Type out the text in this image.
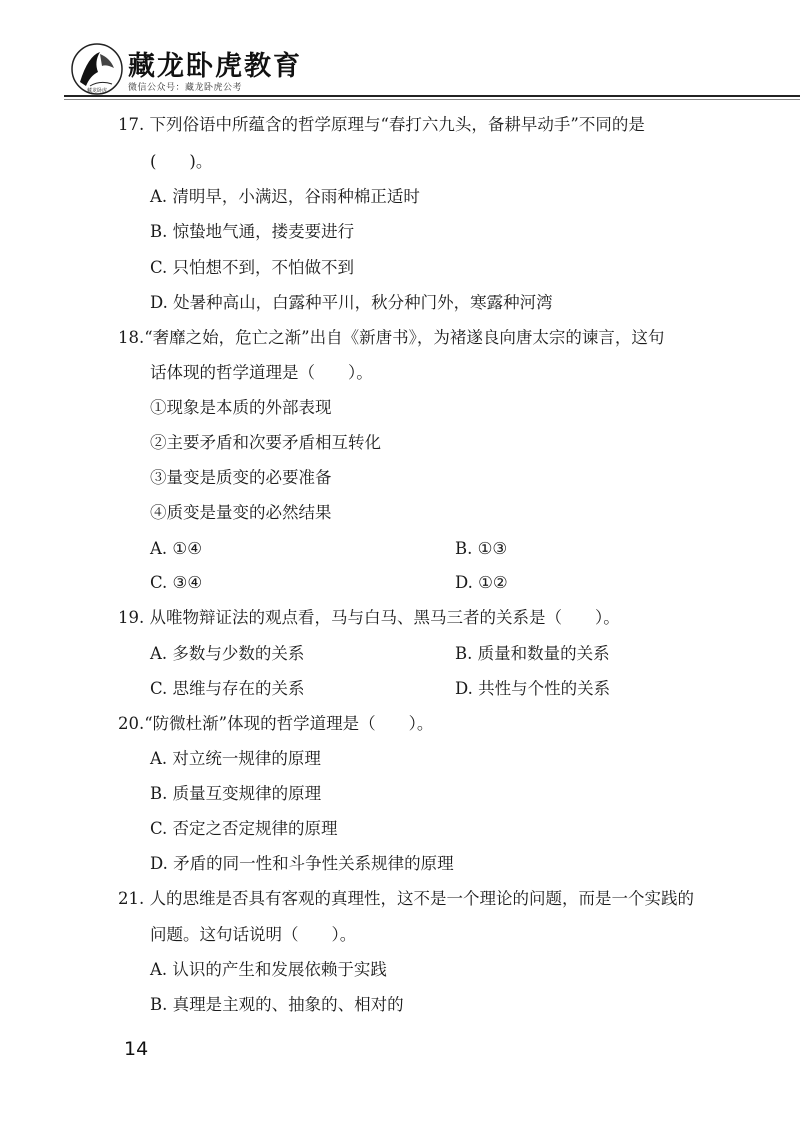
藏龙卧虎
藏龙卧虎教育
微信公众号：藏龙卧虎公考
17. 下列俗语中所蕴含的哲学原理与“春打六九头，备耕早动手”不同的是
(　　)。
A. 清明早，小满迟，谷雨种棉正适时
B. 惊蛰地气通，搂麦要进行
C. 只怕想不到，不怕做不到
D. 处暑种高山，白露种平川，秋分种门外，寒露种河湾
18.“奢靡之始，危亡之渐”出自《新唐书》，为褚遂良向唐太宗的谏言，这句
话体现的哲学道理是（　　）。
①现象是本质的外部表现
②主要矛盾和次要矛盾相互转化
③量变是质变的必要准备
④质变是量变的必然结果
A. ①④	B. ①③
C. ③④	D. ①②
19. 从唯物辩证法的观点看，马与白马、黑马三者的关系是（　　）。
A. 多数与少数的关系	B. 质量和数量的关系
C. 思维与存在的关系	D. 共性与个性的关系
20.“防微杜渐”体现的哲学道理是（　　）。
A. 对立统一规律的原理
B. 质量互变规律的原理
C. 否定之否定规律的原理
D. 矛盾的同一性和斗争性关系规律的原理
21. 人的思维是否具有客观的真理性，这不是一个理论的问题，而是一个实践的
问题。这句话说明（　　）。
A. 认识的产生和发展依赖于实践
B. 真理是主观的、抽象的、相对的
14
